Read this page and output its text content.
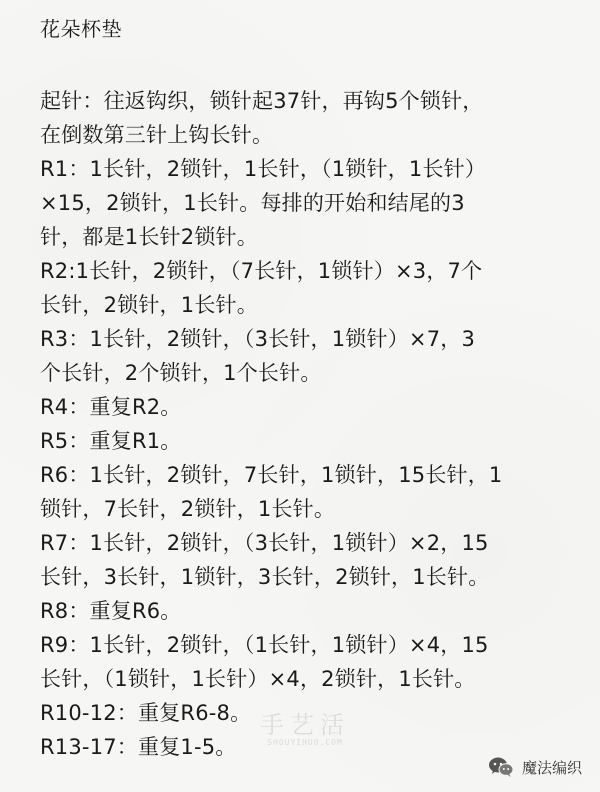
花朵杯垫
起针：往返钩织，锁针起37针，再钩5个锁针，
在倒数第三针上钩长针。
R1：1长针，2锁针，1长针，（1锁针，1长针）
×15，2锁针，1长针。每排的开始和结尾的3
针，都是1长针2锁针。
R2:1长针，2锁针，（7长针，1锁针）×3，7个
长针，2锁针，1长针。
R3：1长针，2锁针，（3长针，1锁针）×7，3
个长针，2个锁针，1个长针。
R4：重复R2。
R5：重复R1。
R6：1长针，2锁针，7长针，1锁针，15长针，1
锁针，7长针，2锁针，1长针。
R7：1长针，2锁针，（3长针，1锁针）×2，15
长针，3长针，1锁针，3长针，2锁针，1长针。
R8：重复R6。
R9：1长针，2锁针，（1长针，1锁针）×4，15
长针，（1锁针，1长针）×4，2锁针，1长针。
R10-12：重复R6-8。
R13-17：重复1-5。
手艺活
SHOUYIHUO.COM
魔法编织
